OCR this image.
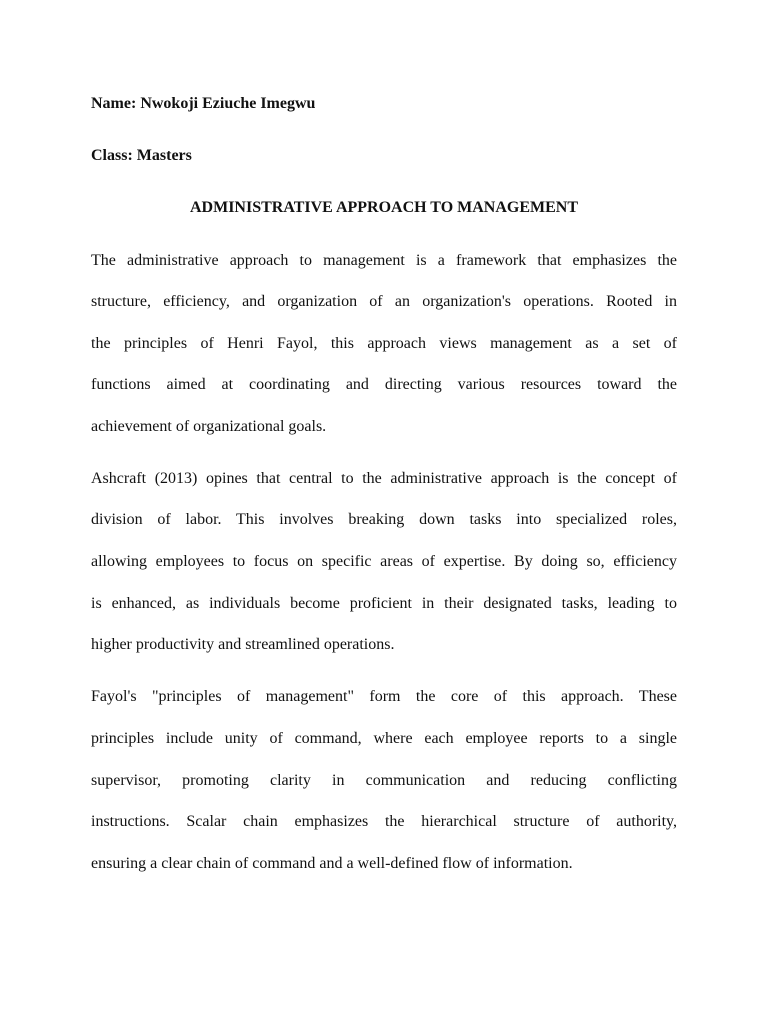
Name: Nwokoji Eziuche Imegwu
Class: Masters
ADMINISTRATIVE APPROACH TO MANAGEMENT
The administrative approach to management is a framework that emphasizes the
structure, efficiency, and organization of an organization's operations. Rooted in
the principles of Henri Fayol, this approach views management as a set of
functions aimed at coordinating and directing various resources toward the
achievement of organizational goals.
Ashcraft (2013) opines that central to the administrative approach is the concept of
division of labor. This involves breaking down tasks into specialized roles,
allowing employees to focus on specific areas of expertise. By doing so, efficiency
is enhanced, as individuals become proficient in their designated tasks, leading to
higher productivity and streamlined operations.
Fayol's "principles of management" form the core of this approach. These
principles include unity of command, where each employee reports to a single
supervisor, promoting clarity in communication and reducing conflicting
instructions. Scalar chain emphasizes the hierarchical structure of authority,
ensuring a clear chain of command and a well-defined flow of information.
